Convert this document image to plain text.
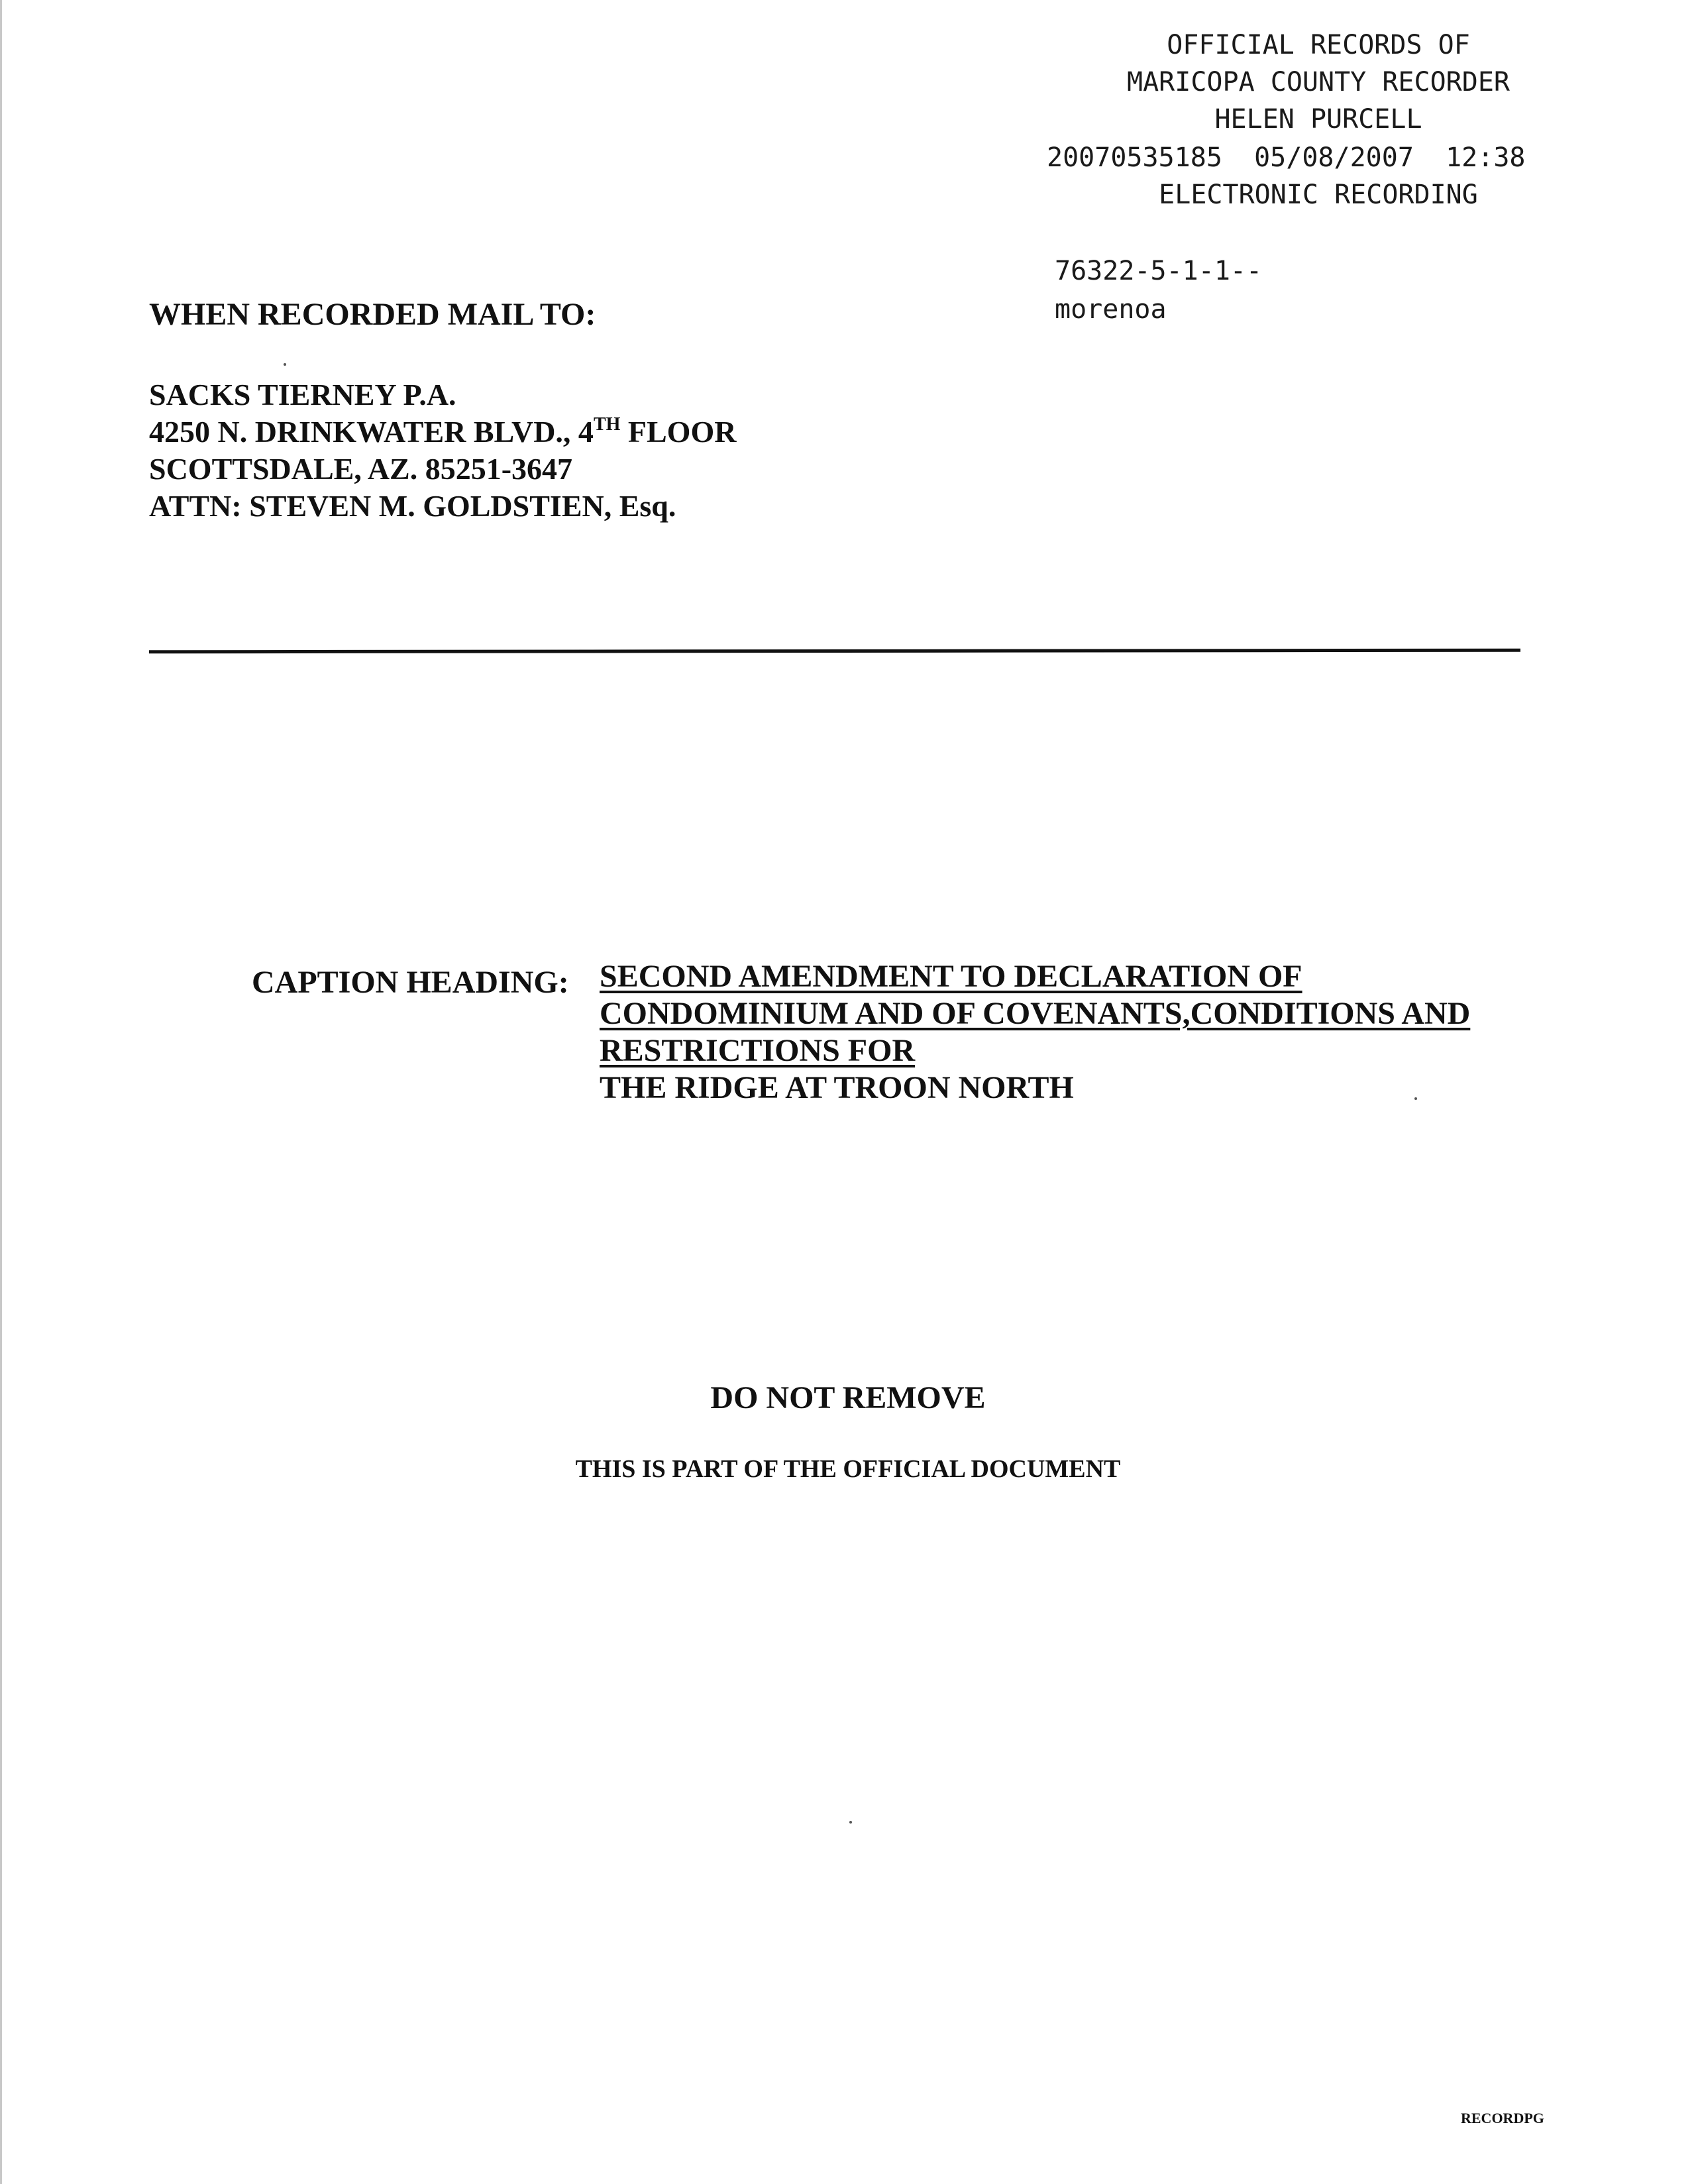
OFFICIAL RECORDS OF
MARICOPA COUNTY RECORDER
HELEN PURCELL
20070535185 05/08/2007 12:38
ELECTRONIC RECORDING
76322-5-1-1--
morenoa
WHEN RECORDED MAIL TO:
SACKS TIERNEY P.A.
4250 N. DRINKWATER BLVD., 4TH FLOOR
SCOTTSDALE, AZ. 85251-3647
ATTN: STEVEN M. GOLDSTIEN, Esq.
CAPTION HEADING: SECOND AMENDMENT TO DECLARATION OF
CONDOMINIUM AND OF COVENANTS,CONDITIONS AND
RESTRICTIONS FOR
THE RIDGE AT TROON NORTH
DO NOT REMOVE
THIS IS PART OF THE OFFICIAL DOCUMENT
RECORDPG
